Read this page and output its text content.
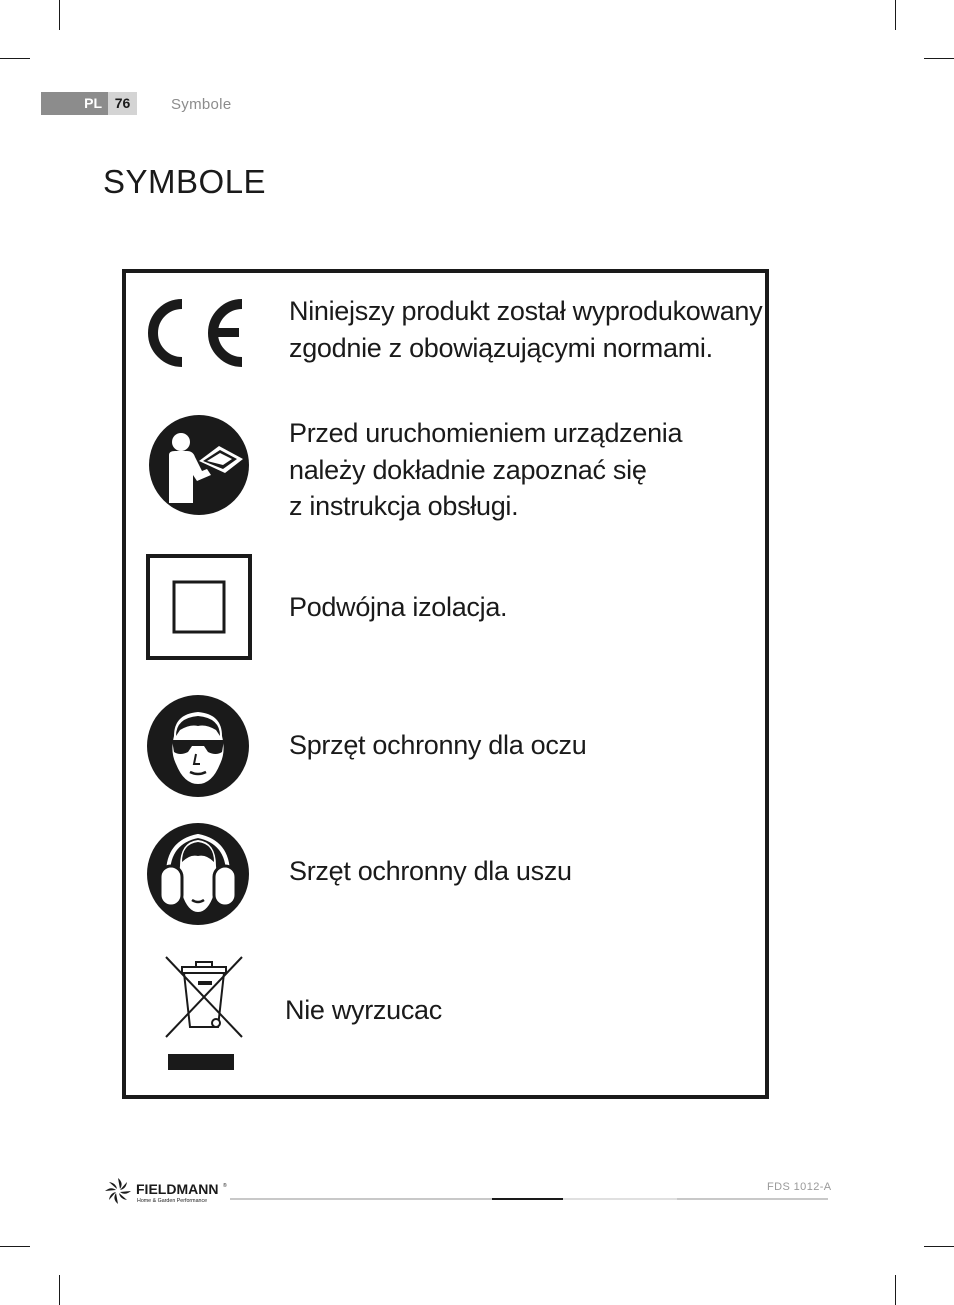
PL 76	Symbole
SYMBOLE
Niniejszy produkt został wyprodukowany
zgodnie z obowiązującymi normami.
Przed uruchomieniem urządzenia
należy dokładnie zapoznać się
z instrukcja obsługi.
Podwójna izolacja.
Sprzęt ochronny dla oczu
Srzęt ochronny dla uszu
Nie wyrzucac
FIELDMANN ®
Home & Garden Performance
FDS 1012-A
